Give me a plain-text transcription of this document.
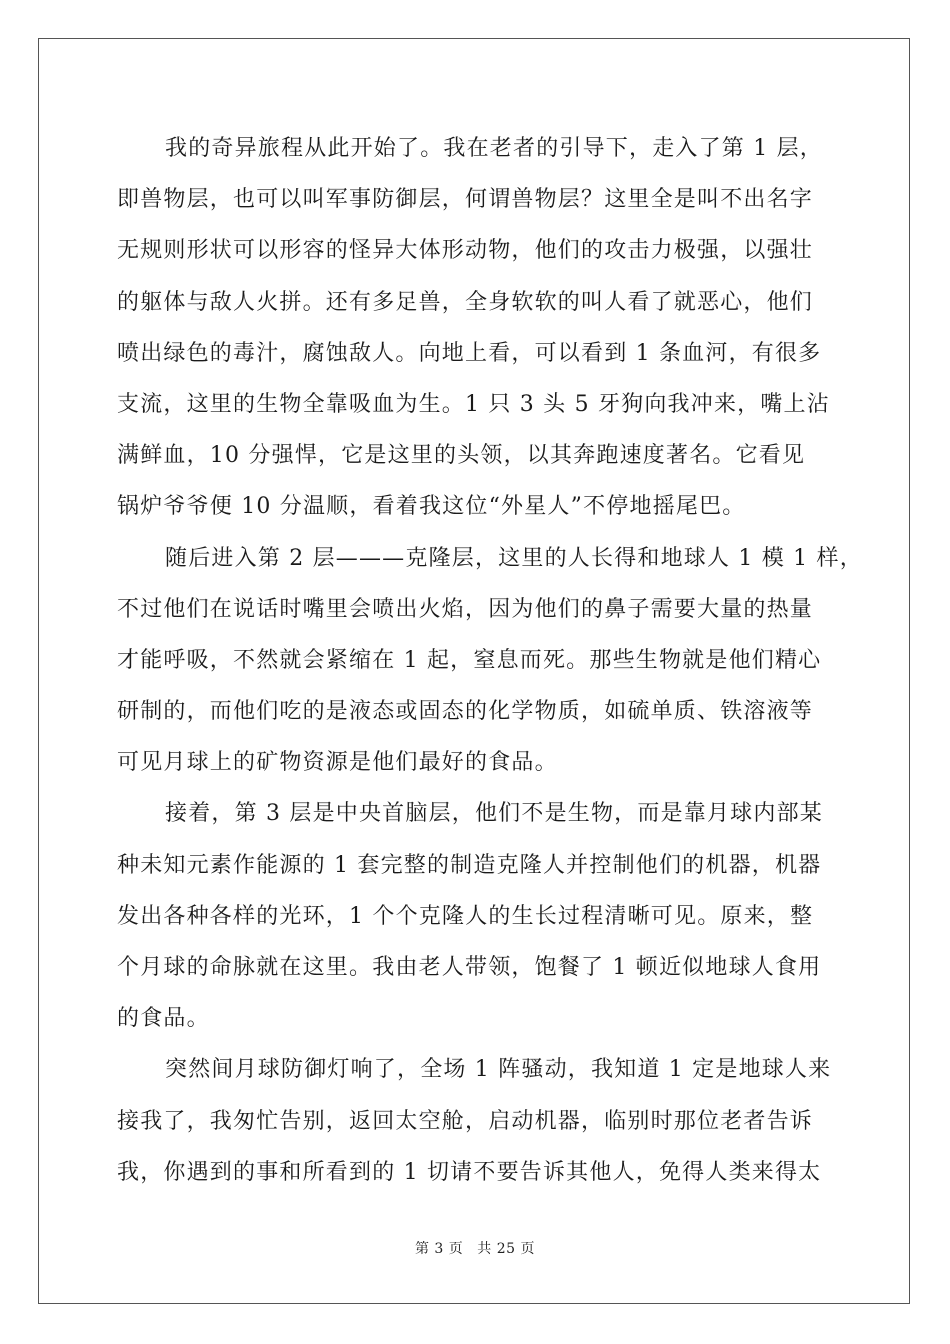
我的奇异旅程从此开始了。我在老者的引导下，走入了第 1 层，
即兽物层，也可以叫军事防御层，何谓兽物层？这里全是叫不出名字
无规则形状可以形容的怪异大体形动物，他们的攻击力极强，以强壮
的躯体与敌人火拼。还有多足兽，全身软软的叫人看了就恶心，他们
喷出绿色的毒汁，腐蚀敌人。向地上看，可以看到 1 条血河，有很多
支流，这里的生物全靠吸血为生。1 只 3 头 5 牙狗向我冲来，嘴上沾
满鲜血，10 分强悍，它是这里的头领，以其奔跑速度著名。它看见
锅炉爷爷便 10 分温顺，看着我这位“外星人”不停地摇尾巴。
随后进入第 2 层———克隆层，这里的人长得和地球人 1 模 1 样，
不过他们在说话时嘴里会喷出火焰，因为他们的鼻子需要大量的热量
才能呼吸，不然就会紧缩在 1 起，窒息而死。那些生物就是他们精心
研制的，而他们吃的是液态或固态的化学物质，如硫单质、铁溶液等
可见月球上的矿物资源是他们最好的食品。
接着，第 3 层是中央首脑层，他们不是生物，而是靠月球内部某
种未知元素作能源的 1 套完整的制造克隆人并控制他们的机器，机器
发出各种各样的光环，1 个个克隆人的生长过程清晰可见。原来，整
个月球的命脉就在这里。我由老人带领，饱餐了 1 顿近似地球人食用
的食品。
突然间月球防御灯响了，全场 1 阵骚动，我知道 1 定是地球人来
接我了，我匆忙告别，返回太空舱，启动机器，临别时那位老者告诉
我，你遇到的事和所看到的 1 切请不要告诉其他人，免得人类来得太
第 3 页 共 25 页
